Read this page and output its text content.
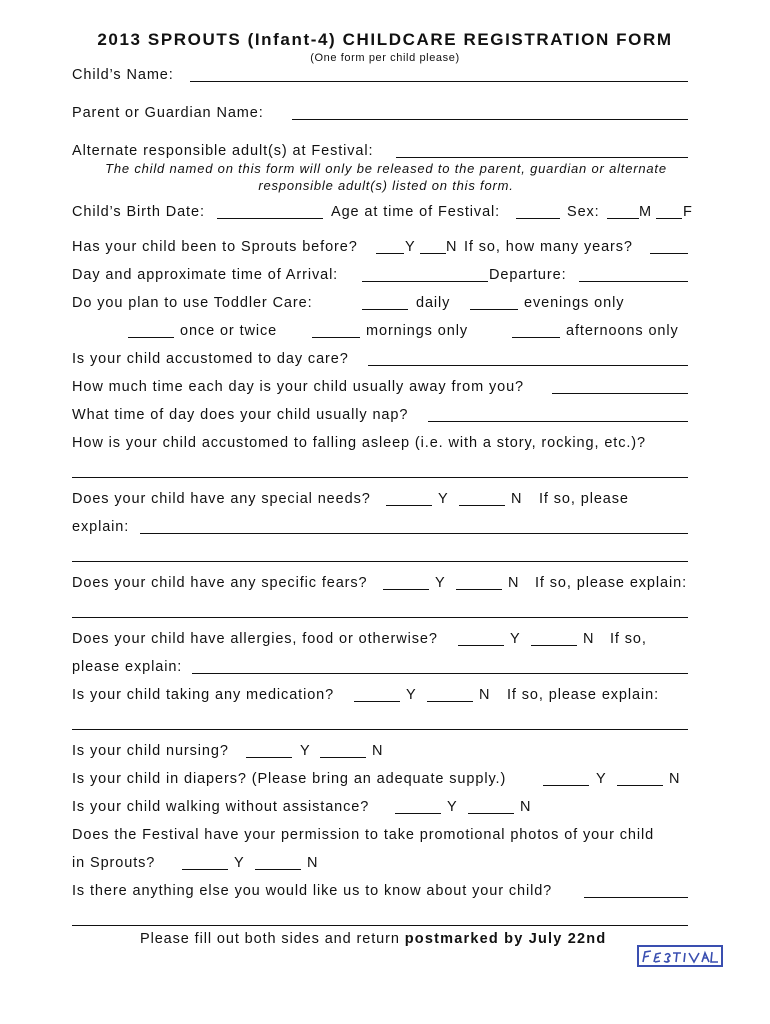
2013 SPROUTS (Infant-4) CHILDCARE REGISTRATION FORM
(One form per child please)
Child’s Name:
Parent or Guardian Name:
Alternate responsible adult(s) at Festival:
The child named on this form will only be released to the parent, guardian or alternate responsible adult(s) listed on this form.
Child’s Birth Date:	Age at time of Festival:	Sex:	M F
Has your child been to Sprouts before?	Y N If so, how many years?
Day and approximate time of Arrival:	Departure:
Do you plan to use Toddler Care:	daily	evenings only
once or twice	mornings only	afternoons only
Is your child accustomed to day care?
How much time each day is your child usually away from you?
What time of day does your child usually nap?
How is your child accustomed to falling asleep (i.e. with a story, rocking, etc.)?
Does your child have any special needs?	Y	N If so, please
explain:
Does your child have any specific fears?	Y	N If so, please explain:
Does your child have allergies, food or otherwise?	Y	N If so,
please explain:
Is your child taking any medication?	Y	N If so, please explain:
Is your child nursing?	Y	N
Is your child in diapers? (Please bring an adequate supply.)	Y	N
Is your child walking without assistance?	Y	N
Does the Festival have your permission to take promotional photos of your child
in Sprouts?	Y	N
Is there anything else you would like us to know about your child?
Please fill out both sides and return postmarked by July 22nd
